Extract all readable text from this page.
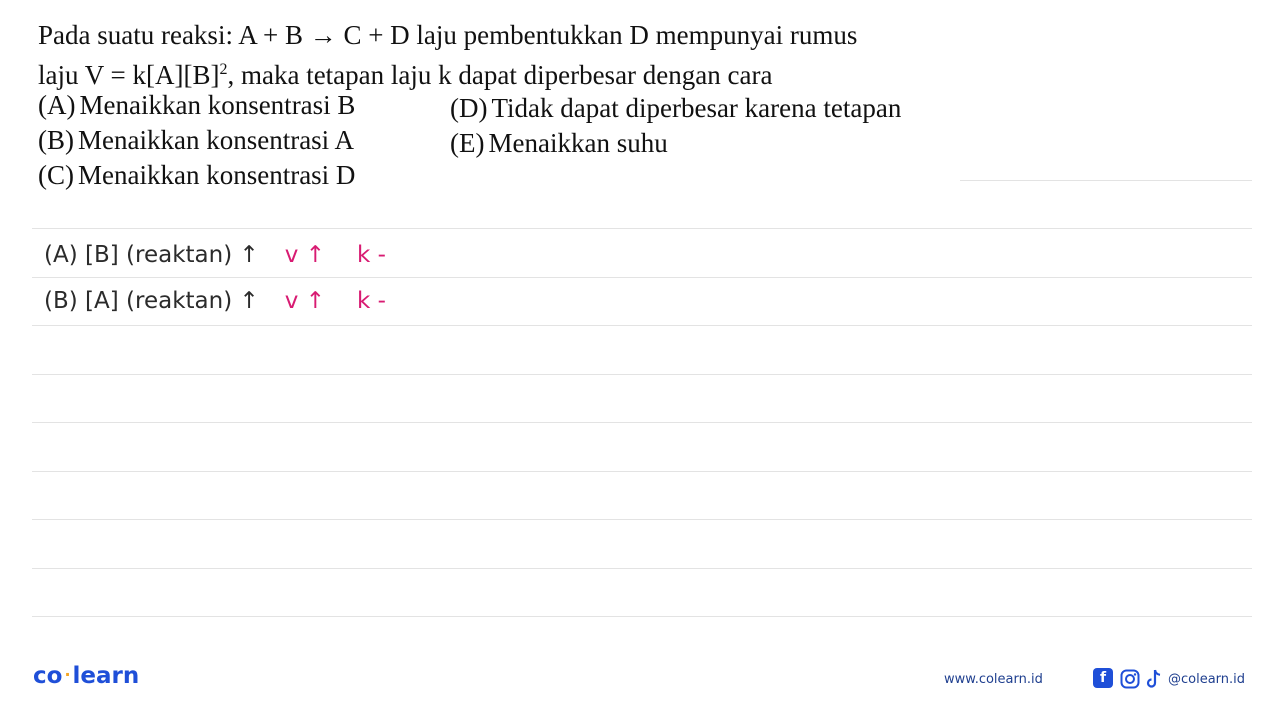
Pada suatu reaksi: A + B → C + D laju pembentukkan D mempunyai rumus
laju $V = k[A][B]^2$, maka tetapan laju k dapat diperbesar dengan cara
(A) Menaikkan konsentrasi B
(B) Menaikkan konsentrasi A
(C) Menaikkan konsentrasi D
(D) Tidak dapat diperbesar karena tetapan
(E) Menaikkan suhu
(A) [B] (reaktan) ↑ v ↑ k -
(B) [A] (reaktan) ↑ v ↑ k -
co ·learn	www.colearn.id	f	@colearn.id
